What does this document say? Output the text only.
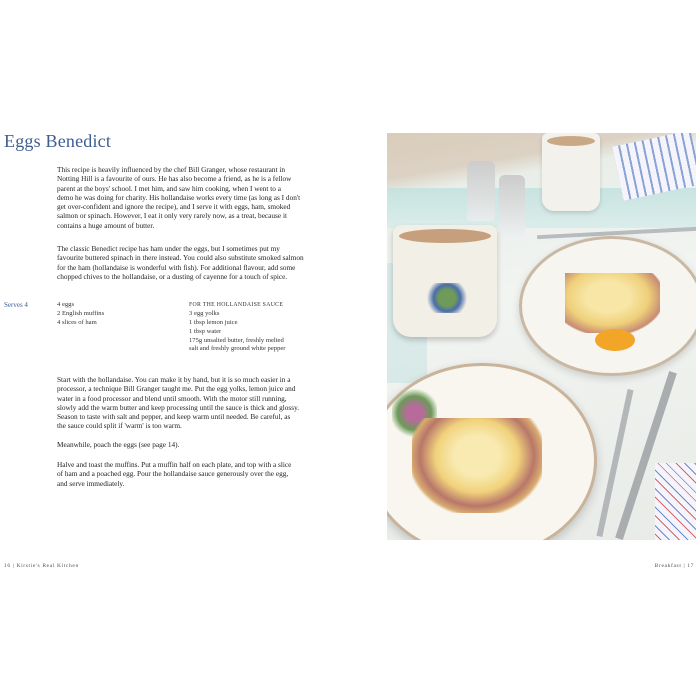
Eggs Benedict
This recipe is heavily influenced by the chef Bill Granger, whose restaurant in
Notting Hill is a favourite of ours. He has also become a friend, as he is a fellow
parent at the boys' school. I met him, and saw him cooking, when I went to a
demo he was doing for charity. His hollandaise works every time (as long as I don't
get over-confident and ignore the recipe), and I serve it with eggs, ham, smoked
salmon or spinach. However, I eat it only very rarely now, as a treat, because it
contains a huge amount of butter.
The classic Benedict recipe has ham under the eggs, but I sometimes put my
favourite buttered spinach in there instead. You could also substitute smoked salmon
for the ham (hollandaise is wonderful with fish). For additional flavour, add some
chopped chives to the hollandaise, or a dusting of cayenne for a touch of spice.
Serves 4	4 eggs
2 English muffins
4 slices of ham
FOR THE HOLLANDAISE SAUCE
3 egg yolks
1 tbsp lemon juice
1 tbsp water
175g unsalted butter, freshly melted
salt and freshly ground white pepper
Start with the hollandaise. You can make it by hand, but it is so much easier in a
processor, a technique Bill Granger taught me. Put the egg yolks, lemon juice and
water in a food processor and blend until smooth. With the motor still running,
slowly add the warm butter and keep processing until the sauce is thick and glossy.
Season to taste with salt and pepper, and keep warm until needed. Be careful, as
the sauce could split if 'warm' is too warm.
Meanwhile, poach the eggs (see page 14).
Halve and toast the muffins. Put a muffin half on each plate, and top with a slice
of ham and a poached egg. Pour the hollandaise sauce generously over the egg,
and serve immediately.
16 | Kirstie's Real Kitchen	Breakfast | 17
